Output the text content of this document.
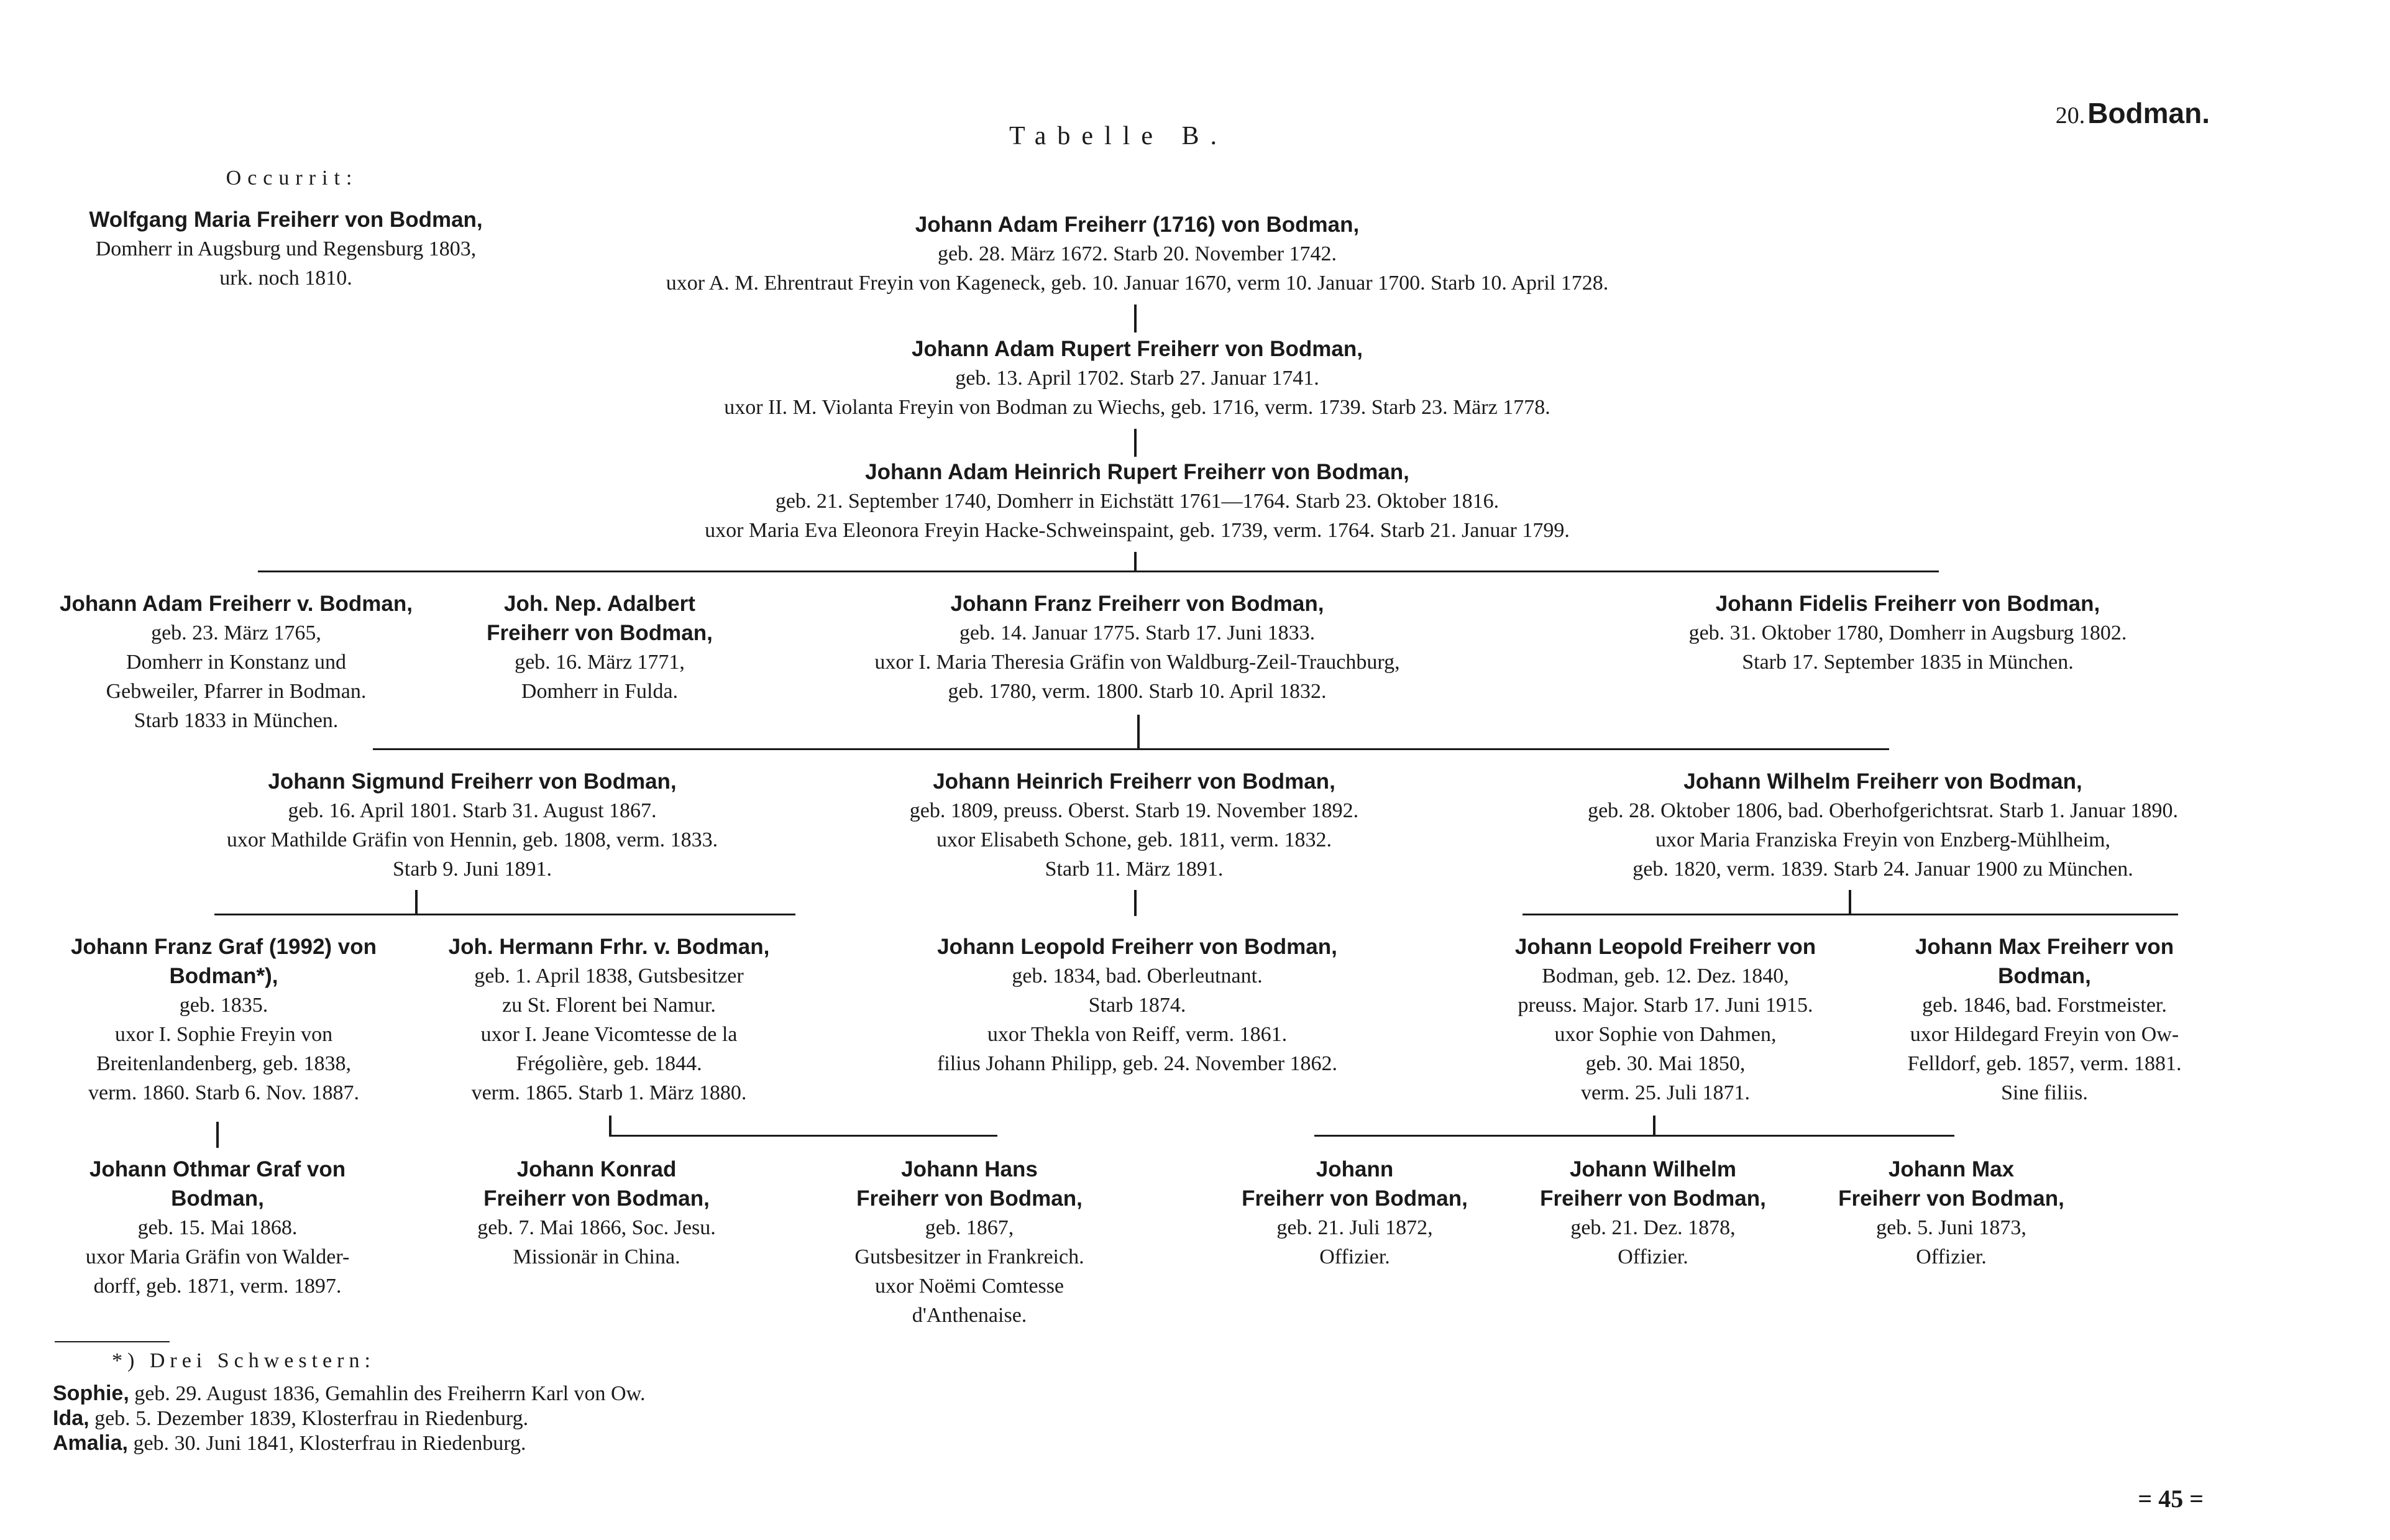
20. Bodman.
Tabelle B.
Occurrit:
Wolfgang Maria Freiherr von Bodman,
Domherr in Augsburg und Regensburg 1803,
urk. noch 1810.
Johann Adam Freiherr (1716) von Bodman,
geb. 28. März 1672. Starb 20. November 1742.
uxor A. M. Ehrentraut Freyin von Kageneck, geb. 10. Januar 1670, verm 10. Januar 1700. Starb 10. April 1728.
Johann Adam Rupert Freiherr von Bodman,
geb. 13. April 1702. Starb 27. Januar 1741.
uxor II. M. Violanta Freyin von Bodman zu Wiechs, geb. 1716, verm. 1739. Starb 23. März 1778.
Johann Adam Heinrich Rupert Freiherr von Bodman,
geb. 21. September 1740, Domherr in Eichstätt 1761—1764. Starb 23. Oktober 1816.
uxor Maria Eva Eleonora Freyin Hacke-Schweinspaint, geb. 1739, verm. 1764. Starb 21. Januar 1799.
Johann Adam Freiherr v. Bodman,
geb. 23. März 1765,
Domherr in Konstanz und
Gebweiler, Pfarrer in Bodman.
Starb 1833 in München.
Joh. Nep. Adalbert
Freiherr von Bodman,
geb. 16. März 1771,
Domherr in Fulda.
Johann Franz Freiherr von Bodman,
geb. 14. Januar 1775. Starb 17. Juni 1833.
uxor I. Maria Theresia Gräfin von Waldburg-Zeil-Trauchburg,
geb. 1780, verm. 1800. Starb 10. April 1832.
Johann Fidelis Freiherr von Bodman,
geb. 31. Oktober 1780, Domherr in Augsburg 1802.
Starb 17. September 1835 in München.
Johann Sigmund Freiherr von Bodman,
geb. 16. April 1801. Starb 31. August 1867.
uxor Mathilde Gräfin von Hennin, geb. 1808, verm. 1833.
Starb 9. Juni 1891.
Johann Heinrich Freiherr von Bodman,
geb. 1809, preuss. Oberst. Starb 19. November 1892.
uxor Elisabeth Schone, geb. 1811, verm. 1832.
Starb 11. März 1891.
Johann Wilhelm Freiherr von Bodman,
geb. 28. Oktober 1806, bad. Oberhofgerichtsrat. Starb 1. Januar 1890.
uxor Maria Franziska Freyin von Enzberg-Mühlheim,
geb. 1820, verm. 1839. Starb 24. Januar 1900 zu München.
Johann Franz Graf (1992) von
Bodman*),
geb. 1835.
uxor I. Sophie Freyin von
Breitenlandenberg, geb. 1838,
verm. 1860. Starb 6. Nov. 1887.
Joh. Hermann Frhr. v. Bodman,
geb. 1. April 1838, Gutsbesitzer
zu St. Florent bei Namur.
uxor I. Jeane Vicomtesse de la
Frégolière, geb. 1844.
verm. 1865. Starb 1. März 1880.
Johann Leopold Freiherr von Bodman,
geb. 1834, bad. Oberleutnant.
Starb 1874.
uxor Thekla von Reiff, verm. 1861.
filius Johann Philipp, geb. 24. November 1862.
Johann Leopold Freiherr von
Bodman, geb. 12. Dez. 1840,
preuss. Major. Starb 17. Juni 1915.
uxor Sophie von Dahmen,
geb. 30. Mai 1850,
verm. 25. Juli 1871.
Johann Max Freiherr von
Bodman,
geb. 1846, bad. Forstmeister.
uxor Hildegard Freyin von Ow-
Felldorf, geb. 1857, verm. 1881.
Sine filiis.
Johann Othmar Graf von
Bodman,
geb. 15. Mai 1868.
uxor Maria Gräfin von Walder-
dorff, geb. 1871, verm. 1897.
Johann Konrad
Freiherr von Bodman,
geb. 7. Mai 1866, Soc. Jesu.
Missionär in China.
Johann Hans
Freiherr von Bodman,
geb. 1867,
Gutsbesitzer in Frankreich.
uxor Noëmi Comtesse
d'Anthenaise.
Johann
Freiherr von Bodman,
geb. 21. Juli 1872,
Offizier.
Johann Wilhelm
Freiherr von Bodman,
geb. 21. Dez. 1878,
Offizier.
Johann Max
Freiherr von Bodman,
geb. 5. Juni 1873,
Offizier.
*) Drei Schwestern:
Sophie, geb. 29. August 1836, Gemahlin des Freiherrn Karl von Ow.
Ida, geb. 5. Dezember 1839, Klosterfrau in Riedenburg.
Amalia, geb. 30. Juni 1841, Klosterfrau in Riedenburg.
= 45 =
